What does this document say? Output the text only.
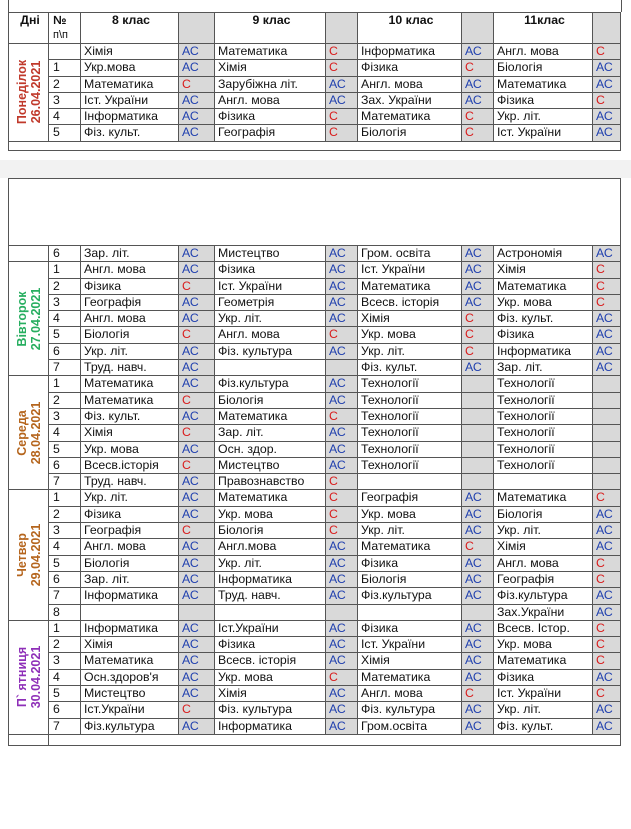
Дні	№
п\п	8 клас		9 клас		10 клас		11клас	

Понеділок 26.04.2021		Хімія	АС	Математика	С	Інформатика	АС	Англ. мова	С
	1	Укр.мова	АС	Хімія	С	Фізика	С	Біологія	АС
	2	Математика	С	Зарубіжна літ.	АС	Англ. мова	АС	Математика	АС
	3	Іст. України	АС	Англ. мова	АС	Зах. України	АС	Фізика	С
	4	Інформатика	АС	Фізика	С	Математика	С	Укр. літ.	АС
	5	Фіз. культ.	АС	Географія	С	Біологія	С	Іст. України	АС

	6	Зар. літ.	АС	Мистецтво	АС	Гром. освіта	АС	Астрономія	АС

Вівторок 27.04.2021	1	Англ. мова	АС	Фізика	АС	Іст. України	АС	Хімія	С
	2	Фізика	С	Іст. України	АС	Математика	АС	Математика	С
	3	Географія	АС	Геометрія	АС	Всесв. історія	АС	Укр. мова	С
	4	Англ. мова	АС	Укр. літ.	АС	Хімія	С	Фіз. культ.	АС
	5	Біологія	С	Англ. мова	С	Укр. мова	С	Фізика	АС
	6	Укр. літ.	АС	Фіз. культура	АС	Укр. літ.	С	Інформатика	АС
	7	Труд. навч.	АС			Фіз. культ.	АС	Зар. літ.	АС

Середа 28.04.2021	1	Математика	АС	Фіз.культура	АС	Технології		Технології	
	2	Математика	С	Біологія	АС	Технології		Технології	
	3	Фіз. культ.	АС	Математика	С	Технології		Технології	
	4	Хімія	С	Зар. літ.	АС	Технології		Технології	
	5	Укр. мова	АС	Осн. здор.	АС	Технології		Технології	
	6	Всесв.історія	С	Мистецтво	АС	Технології		Технології	
	7	Труд. навч.	АС	Правознавство	С				

Четвер 29.04.2021	1	Укр. літ.	АС	Математика	С	Географія	АС	Математика	С
	2	Фізика	АС	Укр. мова	С	Укр. мова	АС	Біологія	АС
	3	Географія	С	Біологія	С	Укр. літ.	АС	Укр. літ.	АС
	4	Англ. мова	АС	Англ.мова	АС	Математика	С	Хімія	АС
	5	Біологія	АС	Укр. літ.	АС	Фізика	АС	Англ. мова	С
	6	Зар. літ.	АС	Інформатика	АС	Біологія	АС	Географія	С
	7	Інформатика	АС	Труд. навч.	АС	Фіз.культура	АС	Фіз.культура	АС
	8							Зах.України	АС

П` ятниця 30.04.2021	1	Інформатика	АС	Іст.України	АС	Фізика	АС	Всесв. Істор.	С
	2	Хімія	АС	Фізика	АС	Іст. України	АС	Укр. мова	С
	3	Математика	АС	Всесв. історія	АС	Хімія	АС	Математика	С
	4	Осн.здоров'я	АС	Укр. мова	С	Математика	АС	Фізика	АС
	5	Мистецтво	АС	Хімія	АС	Англ. мова	С	Іст. України	С
	6	Іст.України	С	Фіз. культура	АС	Фіз. культура	АС	Укр. літ.	АС
	7	Фіз.культура	АС	Інформатика	АС	Гром.освіта	АС	Фіз. культ.	АС
